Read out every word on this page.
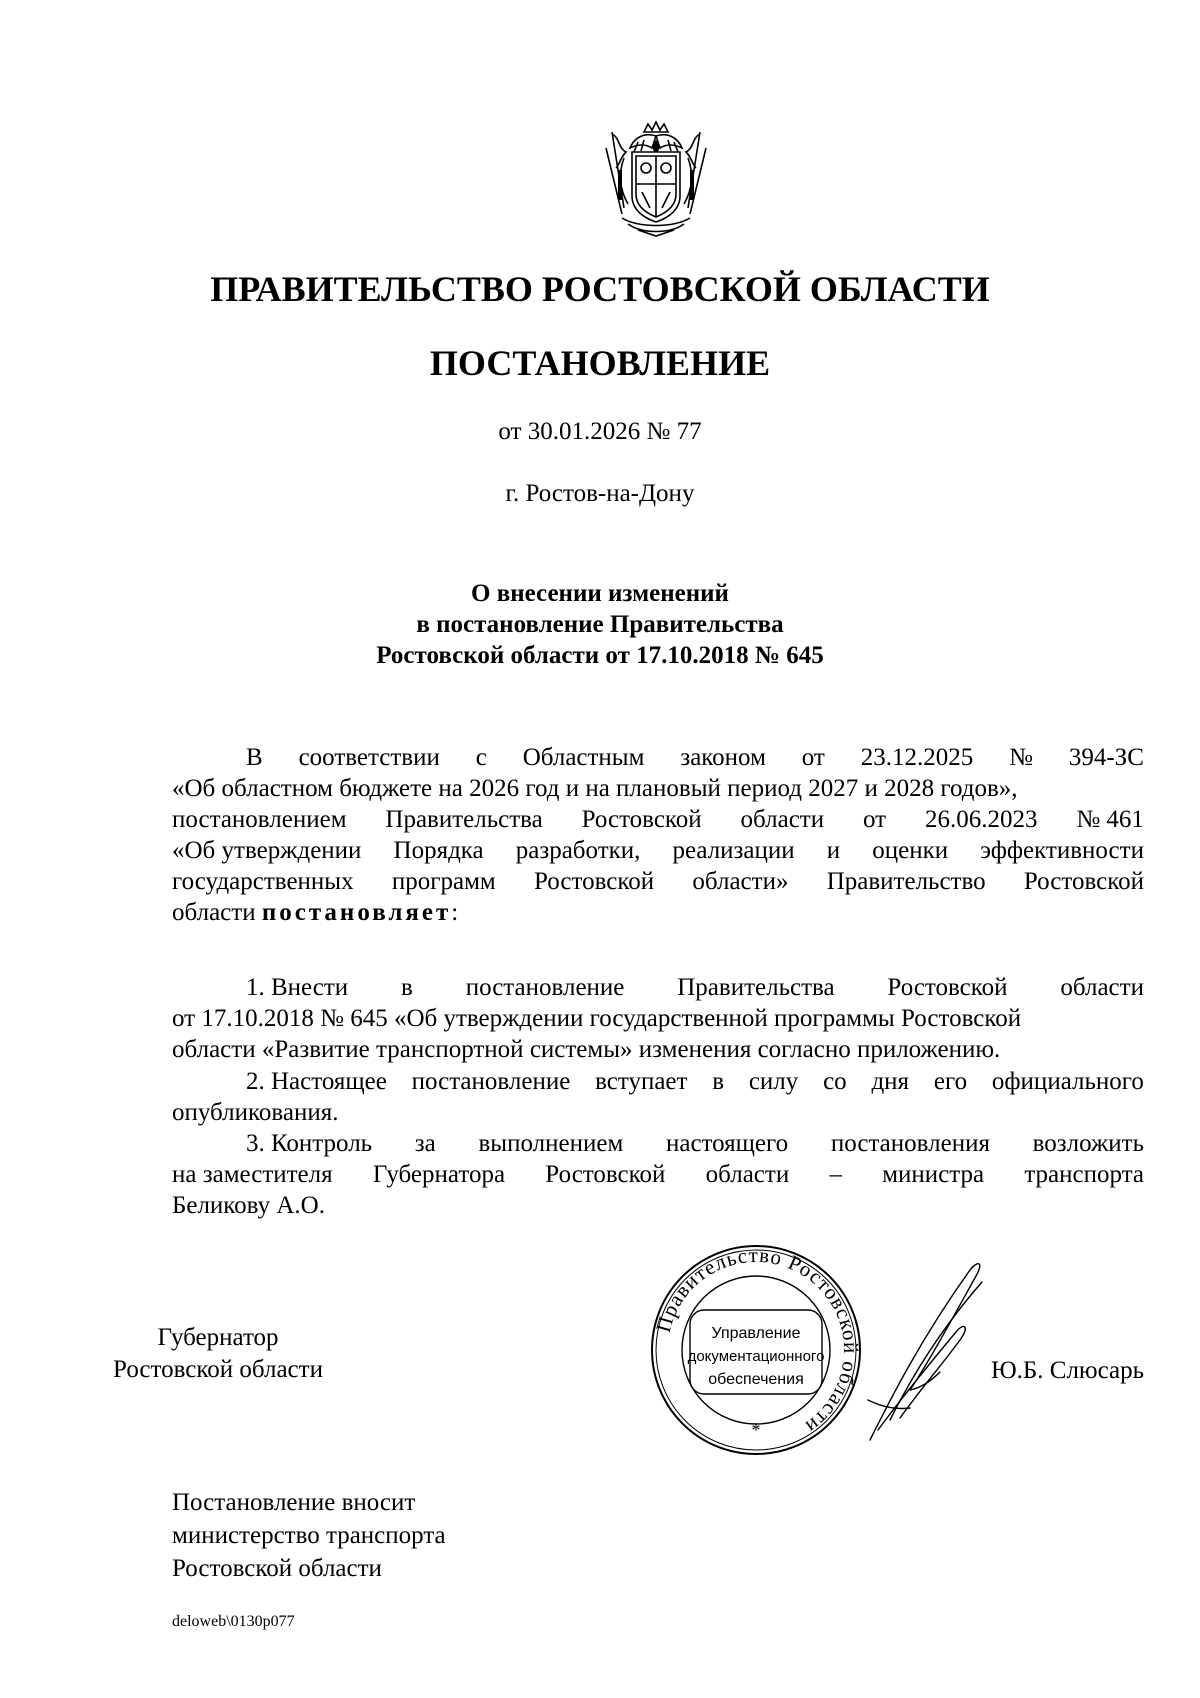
ПРАВИТЕЛЬСТВО РОСТОВСКОЙ ОБЛАСТИ
ПОСТАНОВЛЕНИЕ
от 30.01.2026 № 77
г. Ростов-на-Дону
О внесении изменений
в постановление Правительства
Ростовской области от 17.10.2018 № 645
В соответствии с Областным законом от 23.12.2025 № 394-ЗС
«Об областном бюджете на 2026 год и на плановый период 2027 и 2028 годов»,
постановлением Правительства Ростовской области от 26.06.2023 № 461
«Об утверждении Порядка разработки, реализации и оценки эффективности
государственных программ Ростовской области» Правительство Ростовской
области постановляет:
1. Внести в постановление Правительства Ростовской области
от 17.10.2018 № 645 «Об утверждении государственной программы Ростовской
области «Развитие транспортной системы» изменения согласно приложению.
2. Настоящее постановление вступает в силу со дня его официального
опубликования.
3. Контроль за выполнением настоящего постановления возложить
на заместителя Губернатора Ростовской области – министра транспорта
Беликову А.О.
Губернатор
Ростовской области
Правительство Ростовской области
Управление
документационного
обеспечения
*
Ю.Б. Слюсарь
Постановление вносит
министерство транспорта
Ростовской области
deloweb\0130p077
